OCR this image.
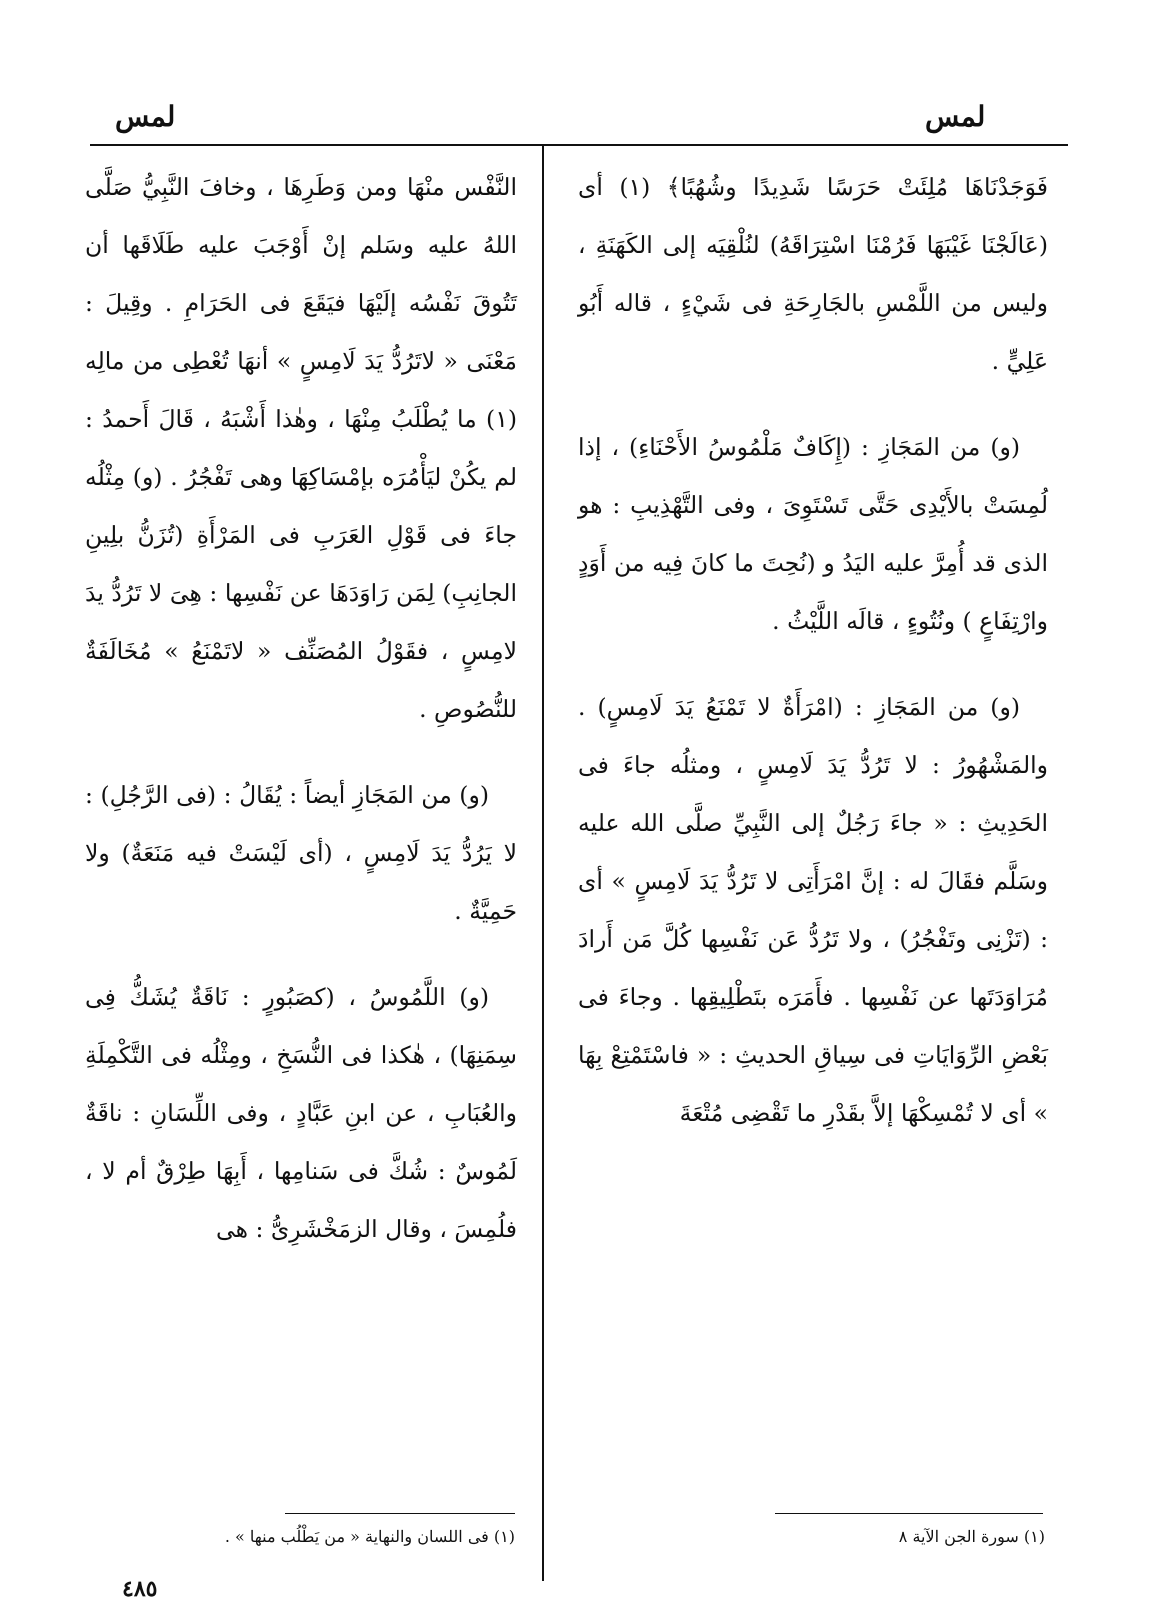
لمس	لمس

فَوَجَدْنَاهَا مُلِئَتْ حَرَسًا شَدِيدًا وشُهُبًا﴾ (١) أى (عَالَجْنَا غَيْبَهَا فَرُمْنَا اسْتِرَاقَهُ) لنُلْقِيَه إلى الكَهَنَةِ ، وليس من اللَّمْسِ بالجَارِحَةِ فى شَيْءٍ ، قاله أَبُو عَلِيٍّ .

(و) من المَجَازِ : (إِكَافٌ مَلْمُوسُ الأَحْنَاءِ) ، إذا لُمِسَتْ بالأَيْدِى حَتَّى تَسْتَوِىَ ، وفى التَّهْذِيبِ : هو الذى قد أُمِرَّ عليه اليَدُ و (نُحِتَ ما كانَ فِيه من أَوَدٍ وارْتِفَاعٍ ) ونُتُوءٍ ، قالَه اللَّيْثُ .

(و) من المَجَازِ : (امْرَأَةٌ لا تَمْنَعُ يَدَ لَامِسٍ) . والمَشْهُورُ : لا تَرُدُّ يَدَ لَامِسٍ ، ومثلُه جاءَ فى الحَدِيثِ : « جاءَ رَجُلٌ إلى النَّبِيِّ صلَّى الله عليه وسَلَّم فقَالَ له : إنَّ امْرَأَتِى لا تَرُدُّ يَدَ لَامِسٍ » أى : (تَزْنِى وتَفْجُرُ) ، ولا تَرُدُّ عَن نَفْسِها كُلَّ مَن أَرادَ مُرَاوَدَتَها عن نَفْسِها . فأَمَرَه بتَطْلِيقِها . وجاءَ فى بَعْضِ الرِّوَايَاتِ فى سِياقِ الحديثِ : « فاسْتَمْتِعْ بِهَا » أى لا تُمْسِكْهَا إلاَّ بقَدْرِ ما تَقْضِى مُتْعَةَ

النَّفْس منْهَا ومن وَطَرِهَا ، وخافَ النَّبِيُّ صَلَّى اللهُ عليه وسَلم إنْ أَوْجَبَ عليه طَلَاقَها أن تَتُوقَ نَفْسُه إلَيْهَا فيَقَعَ فى الحَرَامِ . وقِيلَ : مَعْنَى « لاتَرُدُّ يَدَ لَامِسٍ » أنهَا تُعْطِى من مالِه (١) ما يُطْلَبُ مِنْهَا ، وهٰذا أَشْبَهُ ، قَالَ أَحمدُ : لم يكُنْ ليَأْمُرَه بإمْسَاكِهَا وهى تَفْجُرُ . (و) مِثْلُه جاءَ فى قَوْلِ العَرَبِ فى المَرْأَةِ (تُزَنُّ بلِينِ الجانِبِ) لِمَن رَاوَدَهَا عن نَفْسِها : هِىَ لا تَرُدُّ يدَ لامِسٍ ، فقَوْلُ المُصَنِّف « لاتَمْنَعُ » مُخَالَفَةٌ للنُّصُوصِ .

(و) من المَجَازِ أيضاً : يُقَالُ : (فى الرَّجُلِ) : لا يَرُدُّ يَدَ لَامِسٍ ، (أى لَيْسَتْ فيه مَنَعَةٌ) ولا حَمِيَّةٌ .

(و) اللَّمُوسُ ، (كصَبُورٍ : نَاقَةٌ يُشَكُّ فِى سِمَنِهَا) ، هٰكذا فى النُّسَخِ ، ومِثْلُه فى التَّكْمِلَةِ والعُبَابِ ، عن ابنِ عَبَّادٍ ، وفى اللِّسَانِ : ناقَةٌ لَمُوسٌ : شُكَّ فى سَنامِها ، أَبِهَا طِرْقٌ أم لا ، فلُمِسَ ، وقال الزمَخْشَرِىُّ : هى

(١) سورة الجن الآية ٨
(١) فى اللسان والنهاية « من يَطْلُب منها » .
٤٨٥
